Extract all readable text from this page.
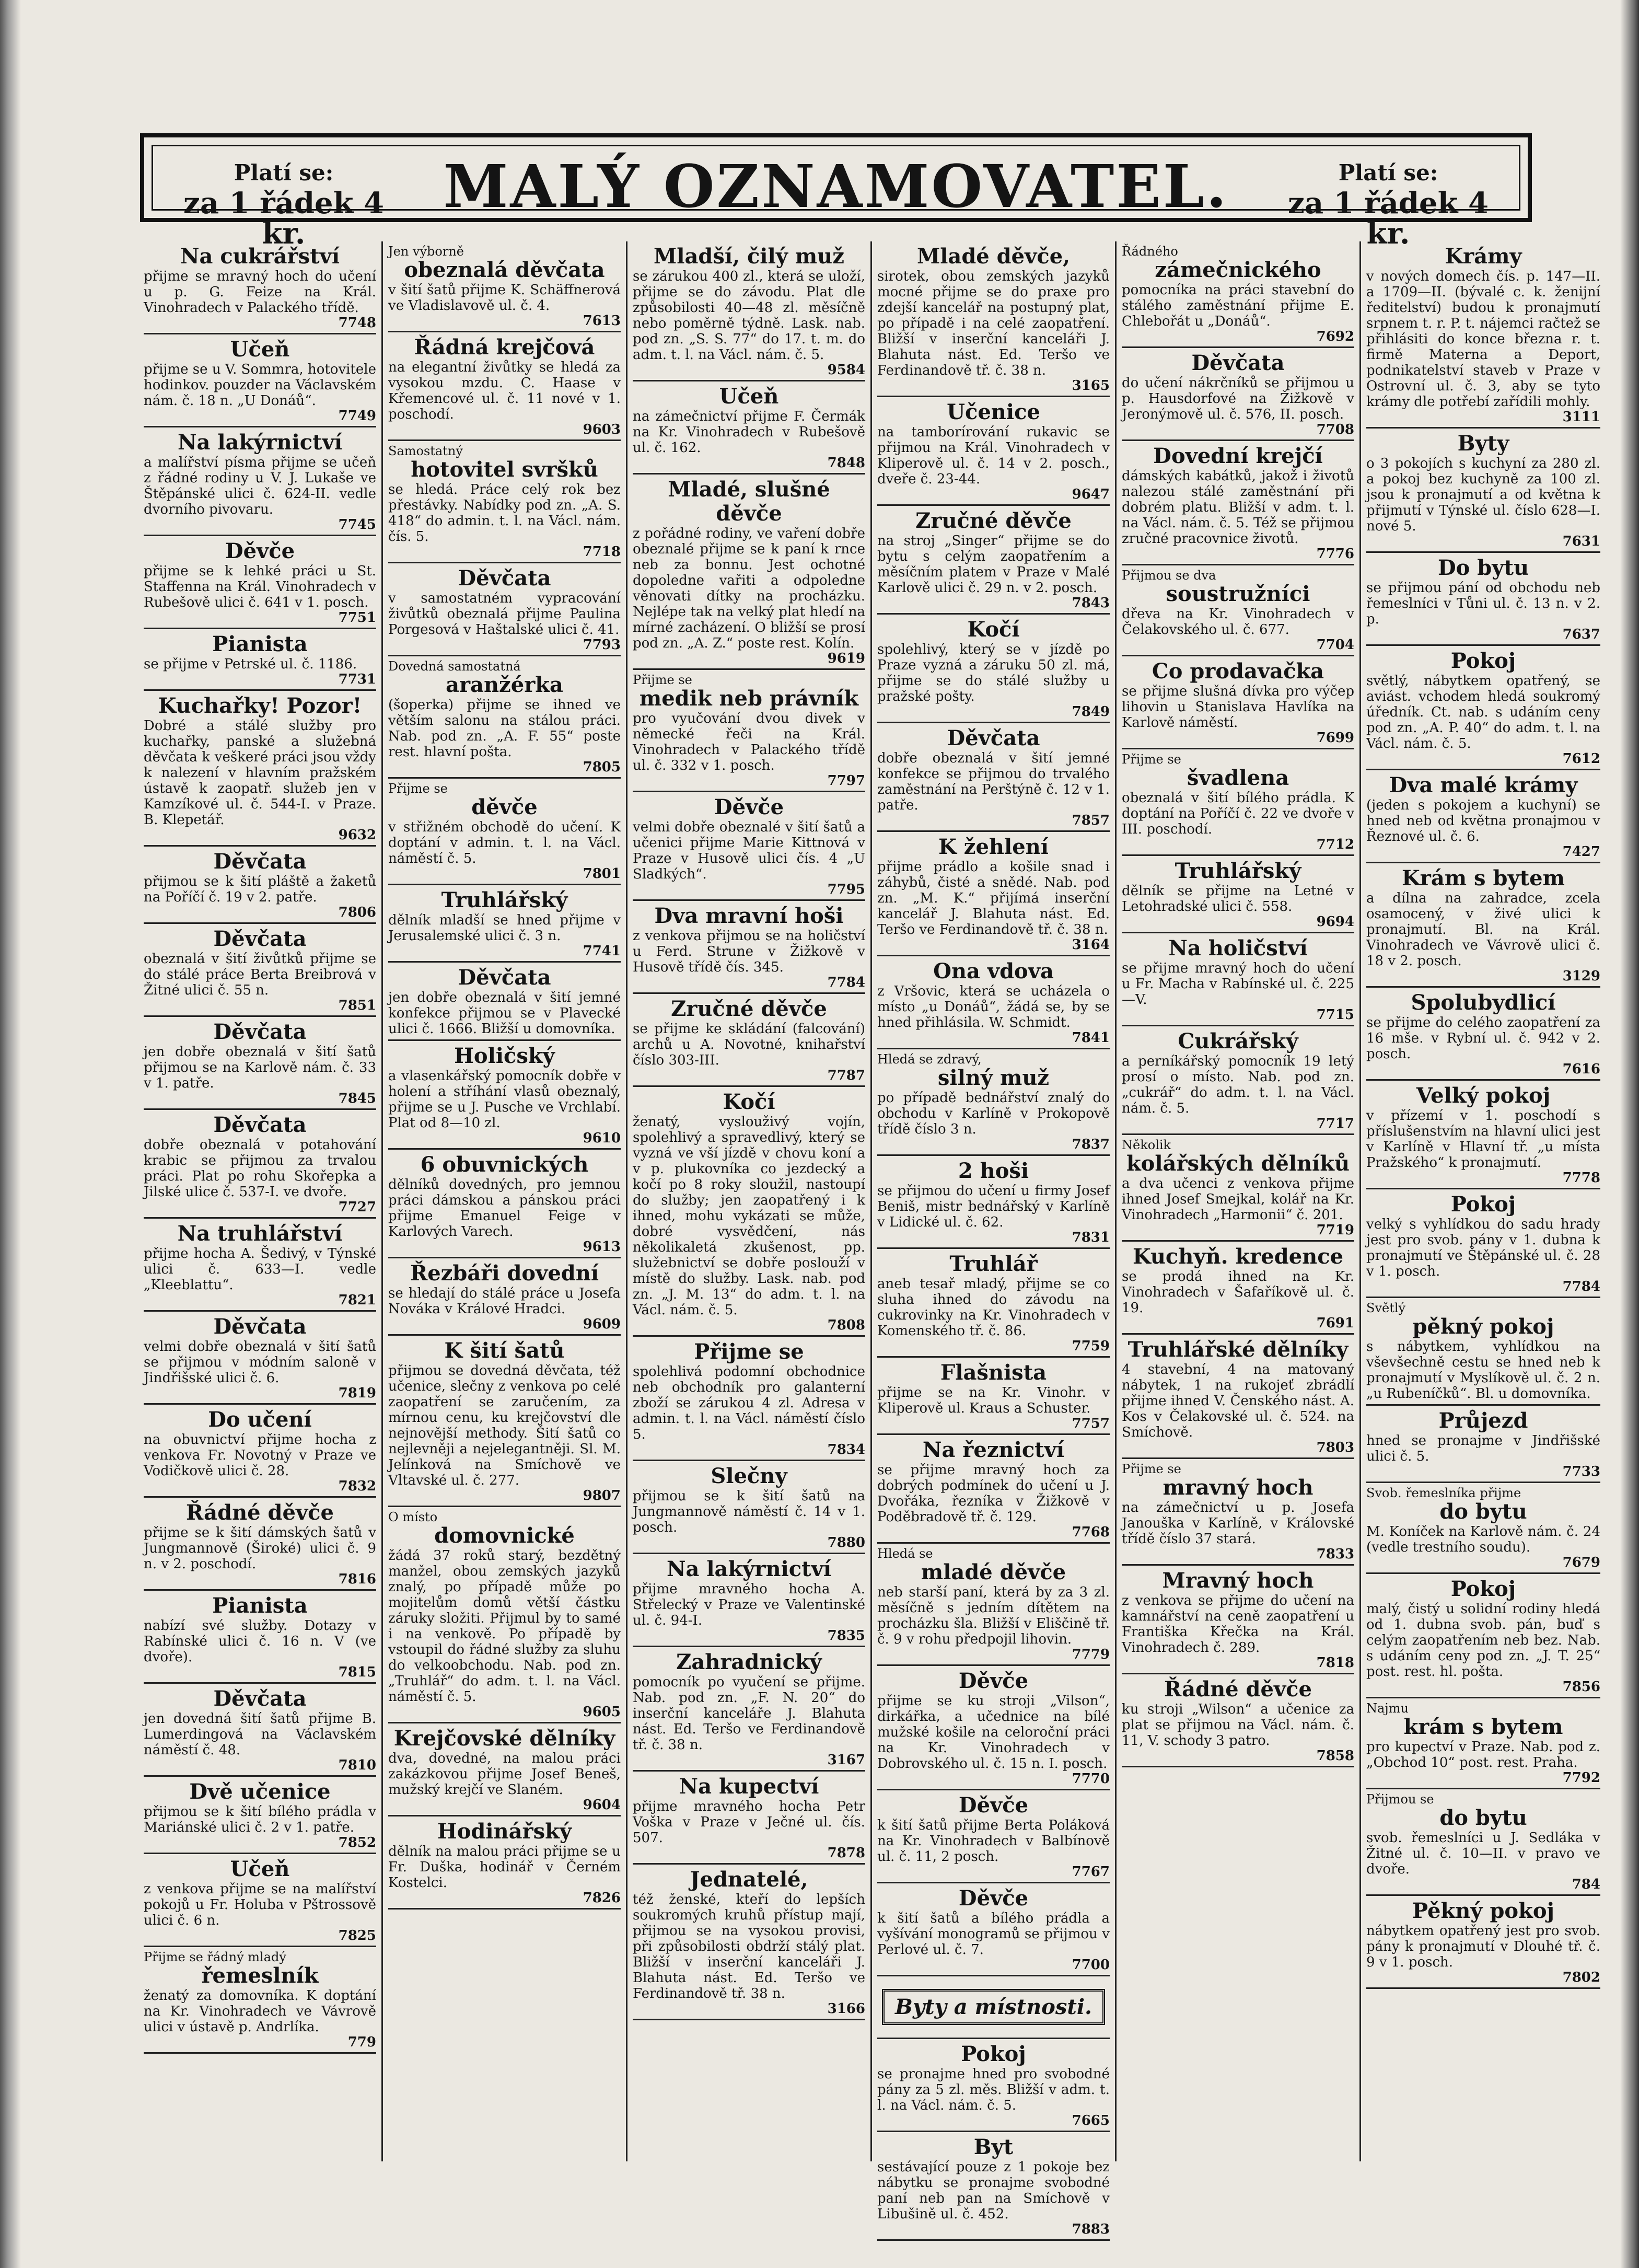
Platí se:
za 1 řádek 4 kr.
MALÝ OZNAMOVATEL.	Platí se:
za 1 řádek 4 kr.
Na cukrářství
přijme se mravný hoch do učení u p. G. Feize na Král. Vinohradech v Palackého třídě.
7748
Učeň
přijme se u V. Sommra, hotovitele hodinkov. pouzder na Václavském nám. č. 18 n. „U Donáů“.
7749
Na lakýrnictví
a malířství písma přijme se učeň z řádné rodiny u V. J. Lukaše ve Štěpánské ulici č. 624-II. vedle dvorního pivovaru.
7745
Děvče
přijme se k lehké práci u St. Staffenna na Král. Vinohradech v Rubešově ulici č. 641 v 1. posch.
7751
Pianista
se přijme v Petrské ul. č. 1186.
7731
Kuchařky! Pozor!
Dobré a stálé služby pro kuchařky, panské a služebná děvčata k veškeré práci jsou vždy k nalezení v hlavním pražském ústavě k zaopatř. služeb jen v Kamzíkové ul. č. 544-I. v Praze. B. Klepetář.
9632
Děvčata
přijmou se k šití pláště a žaketů na Poříčí č. 19 v 2. patře.
7806
Děvčata
obeznalá v šití živůtků přijme se do stálé práce Berta Breibrová v Žitné ulici č. 55 n.
7851
Děvčata
jen dobře obeznalá v šití šatů přijmou se na Karlově nám. č. 33 v 1. patře.
7845
Děvčata
dobře obeznalá v potahování krabic se přijmou za trvalou práci. Plat po rohu Skořepka a Jilské ulice č. 537-I. ve dvoře.
7727
Na truhlářství
přijme hocha A. Šedivý, v Týnské ulici č. 633—I. vedle „Kleeblattu“.
7821
Děvčata
velmi dobře obeznalá v šití šatů se přijmou v módním saloně v Jindřišské ulici č. 6.
7819
Do učení
na obuvnictví přijme hocha z venkova Fr. Novotný v Praze ve Vodičkově ulici č. 28.
7832
Řádné děvče
přijme se k šití dámských šatů v Jungmannově (Široké) ulici č. 9 n. v 2. poschodí.
7816
Pianista
nabízí své služby. Dotazy v Rabínské ulici č. 16 n. V (ve dvoře).
7815
Děvčata
jen dovedná šití šatů přijme B. Lumerdingová na Václavském náměstí č. 48.
7810
Dvě učenice
přijmou se k šití bílého prádla v Mariánské ulici č. 2 v 1. patře.
7852
Učeň
z venkova přijme se na malířství pokojů u Fr. Holuba v Pštrossově ulici č. 6 n.
7825
Přijme se řádný mladý
řemeslník
ženatý za domovníka. K doptání na Kr. Vinohradech ve Vávrově ulici v ústavě p. Andrlíka.
779
Jen výborně
obeznalá děvčata
v šití šatů přijme K. Schäffnerová ve Vladislavově ul. č. 4.
7613
Řádná krejčová
na elegantní živůtky se hledá za vysokou mzdu. C. Haase v Křemencové ul. č. 11 nové v 1. poschodí.
9603
Samostatný
hotovitel svršků
se hledá. Práce celý rok bez přestávky. Nabídky pod zn. „A. S. 418“ do admin. t. l. na Václ. nám. čís. 5.
7718
Děvčata
v samostatném vypracování živůtků obeznalá přijme Paulina Porgesová v Haštalské ulici č. 41.
7793
Dovedná samostatná
aranžérka
(šoperka) přijme se ihned ve větším salonu na stálou práci. Nab. pod zn. „A. F. 55“ poste rest. hlavní pošta.
7805
Přijme se
děvče
v střižném obchodě do učení. K doptání v admin. t. l. na Václ. náměstí č. 5.
7801
Truhlářský
dělník mladší se hned přijme v Jerusalemské ulici č. 3 n.
7741
Děvčata
jen dobře obeznalá v šití jemné konfekce přijmou se v Plavecké ulici č. 1666. Bližší u domovníka.
Holičský
a vlasenkářský pomocník dobře v holení a stříhání vlasů obeznalý, přijme se u J. Pusche ve Vrchlabí. Plat od 8—10 zl.
9610
6 obuvnických
dělníků dovedných, pro jemnou práci dámskou a pánskou práci přijme Emanuel Feige v Karlových Varech.
9613
Řezbáři dovední
se hledají do stálé práce u Josefa Nováka v Králové Hradci.
9609
K šití šatů
přijmou se dovedná děvčata, též učenice, slečny z venkova po celé zaopatření se zaručením, za mírnou cenu, ku krejčovství dle nejnovější methody. Šití šatů co nejlevněji a nejelegantněji. Sl. M. Jelínková na Smíchově ve Vltavské ul. č. 277.
9807
O místo
domovnické
žádá 37 roků starý, bezdětný manžel, obou zemských jazyků znalý, po případě může po mojitelům domů větší částku záruky složiti. Přijmul by to samé i na venkově. Po případě by vstoupil do řádné služby za sluhu do velkoobchodu. Nab. pod zn. „Truhlář“ do adm. t. l. na Václ. náměstí č. 5.
9605
Krejčovské dělníky
dva, dovedné, na malou práci zakázkovou přijme Josef Beneš, mužský krejčí ve Slaném.
9604
Hodinářský
dělník na malou práci přijme se u Fr. Duška, hodinář v Černém Kostelci.
7826
Mladší, čilý muž
se zárukou 400 zl., která se uloží, přijme se do závodu. Plat dle způsobilosti 40—48 zl. měsíčně nebo poměrně týdně. Lask. nab. pod zn. „S. S. 77“ do 17. t. m. do adm. t. l. na Václ. nám. č. 5.
9584
Učeň
na zámečnictví přijme F. Čermák na Kr. Vinohradech v Rubešově ul. č. 162.
7848
Mladé, slušné děvče
z pořádné rodiny, ve vaření dobře obeznalé přijme se k paní k rnce neb za bonnu. Jest ochotné dopoledne vařiti a odpoledne věnovati dítky na procházku. Nejlépe tak na velký plat hledí na mírné zacházení. O bližší se prosí pod zn. „A. Z.“ poste rest. Kolín.
9619
Přijme se
medik neb právník
pro vyučování dvou divek v německé řeči na Král. Vinohradech v Palackého třídě ul. č. 332 v 1. posch.
7797
Děvče
velmi dobře obeznalé v šití šatů a učenici přijme Marie Kittnová v Praze v Husově ulici čís. 4 „U Sladkých“.
7795
Dva mravní hoši
z venkova přijmou se na holičství u Ferd. Strune v Žižkově v Husově třídě čís. 345.
7784
Zručné děvče
se přijme ke skládání (falcování) archů u A. Novotné, knihařství číslo 303-III.
7787
Kočí
ženatý, vyslouživý vojín, spolehlivý a spravedlivý, který se vyzná ve vší jízdě v chovu koní a v p. plukovníka co jezdecký a kočí po 8 roky sloužil, nastoupí do služby; jen zaopatřený i k ihned, mohu vykázati se může, dobré vysvědčení, nás několikaletá zkušenost, pp. služebnictví se dobře poslouží v místě do služby. Lask. nab. pod zn. „J. M. 13“ do adm. t. l. na Václ. nám. č. 5.
7808
Přijme se
spolehlivá podomní obchodnice neb obchodník pro galanterní zboží se zárukou 4 zl. Adresa v admin. t. l. na Václ. náměstí číslo 5.
7834
Slečny
přijmou se k šití šatů na Jungmannově náměstí č. 14 v 1. posch.
7880
Na lakýrnictví
přijme mravného hocha A. Střelecký v Praze ve Valentinské ul. č. 94-I.
7835
Zahradnický
pomocník po vyučení se přijme. Nab. pod zn. „F. N. 20“ do inserční kanceláře J. Blahuta nást. Ed. Teršo ve Ferdinandově tř. č. 38 n.
3167
Na kupectví
přijme mravného hocha Petr Voška v Praze v Ječné ul. čís. 507.
7878
Jednatelé,
též ženské, kteří do lepších soukromých kruhů přístup mají, přijmou se na vysokou provisi, při způsobilosti obdrží stálý plat. Bližší v inserční kanceláři J. Blahuta nást. Ed. Teršo ve Ferdinandově tř. 38 n.
3166
Mladé děvče,
sirotek, obou zemských jazyků mocné přijme se do praxe pro zdejší kancelář na postupný plat, po případě i na celé zaopatření. Bližší v inserční kanceláři J. Blahuta nást. Ed. Teršo ve Ferdinandově tř. č. 38 n.
3165
Učenice
na tamborírování rukavic se přijmou na Král. Vinohradech v Kliperově ul. č. 14 v 2. posch., dveře č. 23-44.
9647
Zručné děvče
na stroj „Singer“ přijme se do bytu s celým zaopatřením a měsíčním platem v Praze v Malé Karlově ulici č. 29 n. v 2. posch.
7843
Kočí
spolehlivý, který se v jízdě po Praze vyzná a záruku 50 zl. má, přijme se do stálé služby u pražské pošty.
7849
Děvčata
dobře obeznalá v šití jemné konfekce se přijmou do trvalého zaměstnání na Perštýně č. 12 v 1. patře.
7857
K žehlení
přijme prádlo a košile snad i záhybů, čisté a snědé. Nab. pod zn. „M. K.“ přijímá inserční kancelář J. Blahuta nást. Ed. Teršo ve Ferdinandově tř. č. 38 n.
3164
Ona vdova
z Vršovic, která se ucházela o místo „u Donáů“, žádá se, by se hned přihlásila. W. Schmidt.
7841
Hledá se zdravý,
silný muž
po případě bednářství znalý do obchodu v Karlíně v Prokopově třídě číslo 3 n.
7837
2 hoši
se přijmou do učení u firmy Josef Beniš, mistr bednářský v Karlíně v Lidické ul. č. 62.
7831
Truhlář
aneb tesař mladý, přijme se co sluha ihned do závodu na cukrovinky na Kr. Vinohradech v Komenského tř. č. 86.
7759
Flašnista
přijme se na Kr. Vinohr. v Kliperově ul. Kraus a Schuster.
7757
Na řeznictví
se přijme mravný hoch za dobrých podmínek do učení u J. Dvořáka, řezníka v Žižkově v Poděbradově tř. č. 129.
7768
Hledá se
mladé děvče
neb starší paní, která by za 3 zl. měsíčně s jedním dítětem na procházku šla. Bližší v Eliščině tř. č. 9 v rohu předpojil lihovin.
7779
Děvče
přijme se ku stroji „Vilson“, dirkářka, a učednice na bílé mužské košile na celoroční práci na Kr. Vinohradech v Dobrovského ul. č. 15 n. I. posch.
7770
Děvče
k šití šatů přijme Berta Poláková na Kr. Vinohradech v Balbínově ul. č. 11, 2 posch.
7767
Děvče
k šití šatů a bílého prádla a vyšívání monogramů se přijmou v Perlové ul. č. 7.
7700
Byty a místnosti.
Pokoj
se pronajme hned pro svobodné pány za 5 zl. měs. Bližší v adm. t. l. na Václ. nám. č. 5.
7665
Byt
sestávající pouze z 1 pokoje bez nábytku se pronajme svobodné paní neb pan na Smíchově v Libušině ul. č. 452.
7883
Řádného
zámečnického
pomocníka na práci stavební do stálého zaměstnání přijme E. Chlebořát u „Donáů“.
7692
Děvčata
do učení nákrčníků se přijmou u p. Hausdorfové na Žižkově v Jeronýmově ul. č. 576, II. posch.
7708
Dovední krejčí
dámských kabátků, jakož i životů nalezou stálé zaměstnání při dobrém platu. Bližší v adm. t. l. na Václ. nám. č. 5. Též se přijmou zručné pracovnice životů.
7776
Přijmou se dva
soustružníci
dřeva na Kr. Vinohradech v Čelakovského ul. č. 677.
7704
Co prodavačka
se přijme slušná dívka pro výčep lihovin u Stanislava Havlíka na Karlově náměstí.
7699
Přijme se
švadlena
obeznalá v šití bílého prádla. K doptání na Poříčí č. 22 ve dvoře v III. poschodí.
7712
Truhlářský
dělník se přijme na Letné v Letohradské ulici č. 558.
9694
Na holičství
se přijme mravný hoch do učení u Fr. Macha v Rabínské ul. č. 225—V.
7715
Cukrářský
a perníkářský pomocník 19 letý prosí o místo. Nab. pod zn. „cukrář“ do adm. t. l. na Václ. nám. č. 5.
7717
Několik
kolářských dělníků
a dva učenci z venkova přijme ihned Josef Smejkal, kolář na Kr. Vinohradech „Harmonii“ č. 201.
7719
Kuchyň. kredence
se prodá ihned na Kr. Vinohradech v Šafaříkově ul. č. 19.
7691
Truhlářské dělníky
4 stavební, 4 na matovaný nábytek, 1 na rukojeť zbrádlí přijme ihned V. Čenského nást. A. Kos v Čelakovské ul. č. 524. na Smíchově.
7803
Přijme se
mravný hoch
na zámečnictví u p. Josefa Janouška v Karlíně, v Královské třídě číslo 37 stará.
7833
Mravný hoch
z venkova se přijme do učení na kamnářství na ceně zaopatření u Františka Křečka na Král. Vinohradech č. 289.
7818
Řádné děvče
ku stroji „Wilson“ a učenice za plat se přijmou na Václ. nám. č. 11, V. schody 3 patro.
7858
Krámy
v nových domech čís. p. 147—II. a 1709—II. (bývalé c. k. ženijní ředitelství) budou k pronajmutí srpnem t. r. P. t. nájemci račtež se přihlásiti do konce března r. t. firmě Materna a Deport, podnikatelství staveb v Praze v Ostrovní ul. č. 3, aby se tyto krámy dle potřebí zařídili mohly.
3111
Byty
o 3 pokojích s kuchyní za 280 zl. a pokoj bez kuchyně za 100 zl. jsou k pronajmutí a od května k přijmutí v Týnské ul. číslo 628—I. nové 5.
7631
Do bytu
se přijmou pání od obchodu neb řemeslníci v Tůni ul. č. 13 n. v 2. p.
7637
Pokoj
světlý, nábytkem opatřený, se aviást. vchodem hledá soukromý úředník. Ct. nab. s udáním ceny pod zn. „A. P. 40“ do adm. t. l. na Václ. nám. č. 5.
7612
Dva malé krámy
(jeden s pokojem a kuchyní) se hned neb od května pronajmou v Řeznové ul. č. 6.
7427
Krám s bytem
a dílna na zahradce, zcela osamocený, v živé ulici k pronajmutí. Bl. na Král. Vinohradech ve Vávrově ulici č. 18 v 2. posch.
3129
Spolubydlicí
se přijme do celého zaopatření za 16 mše. v Rybní ul. č. 942 v 2. posch.
7616
Velký pokoj
v přízemí v 1. poschodí s příslušenstvím na hlavní ulici jest v Karlíně v Hlavní tř. „u místa Pražského“ k pronajmutí.
7778
Pokoj
velký s vyhlídkou do sadu hrady jest pro svob. pány v 1. dubna k pronajmutí ve Štěpánské ul. č. 28 v 1. posch.
7784
Světlý
pěkný pokoj
s nábytkem, vyhlídkou na vševšechně cestu se hned neb k pronajmutí v Myslíkově ul. č. 2 n. „u Rubeníčků“. Bl. u domovníka.
Průjezd
hned se pronajme v Jindřišské ulici č. 5.
7733
Svob. řemeslníka přijme
do bytu
M. Koníček na Karlově nám. č. 24 (vedle trestního soudu).
7679
Pokoj
malý, čistý u solidní rodiny hledá od 1. dubna svob. pán, buď s celým zaopatřením neb bez. Nab. s udáním ceny pod zn. „J. T. 25“ post. rest. hl. pošta.
7856
Najmu
krám s bytem
pro kupectví v Praze. Nab. pod z. „Obchod 10“ post. rest. Praha.
7792
Přijmou se
do bytu
svob. řemeslníci u J. Sedláka v Žitné ul. č. 10—II. v pravo ve dvoře.
784
Pěkný pokoj
nábytkem opatřený jest pro svob. pány k pronajmutí v Dlouhé tř. č. 9 v 1. posch.
7802
